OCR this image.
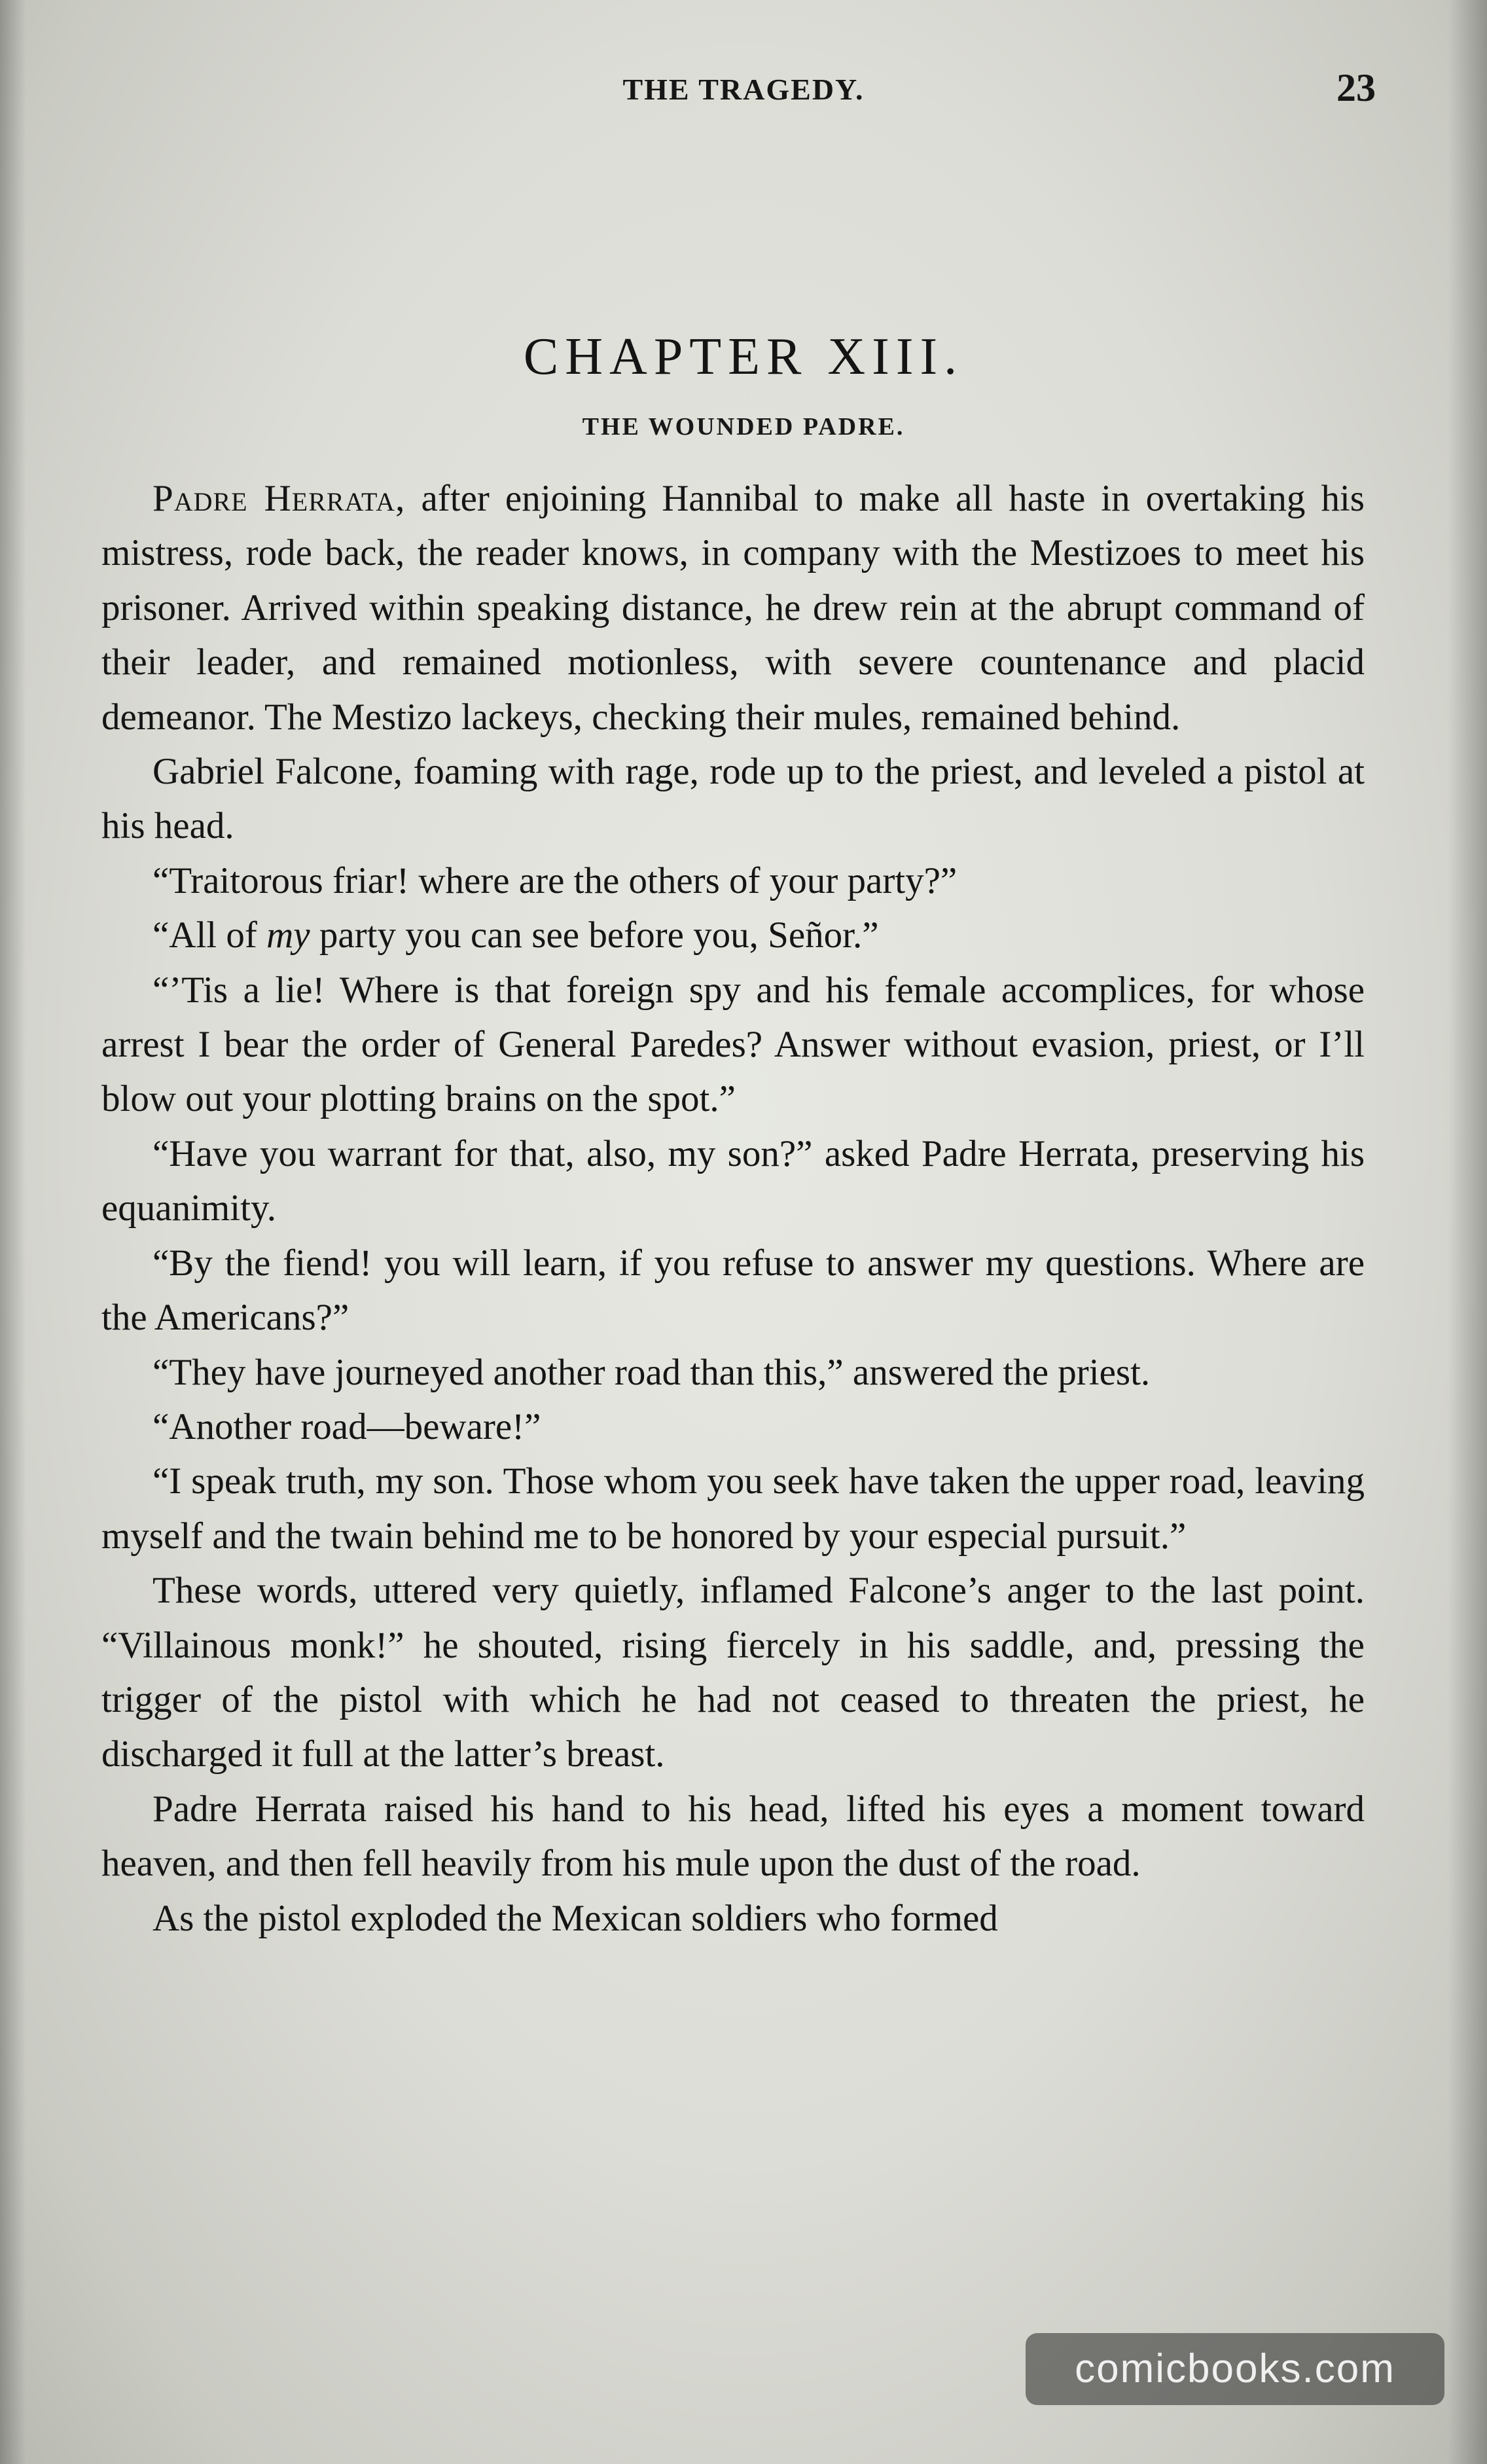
THE TRAGEDY.	23
CHAPTER XIII.
THE WOUNDED PADRE.

Padre Herrata, after enjoining Hannibal to make all haste in overtaking his mistress, rode back, the reader knows, in company with the Mestizoes to meet his prisoner. Arrived within speaking distance, he drew rein at the abrupt command of their leader, and remained motionless, with severe countenance and placid demeanor. The Mestizo lackeys, checking their mules, remained behind.

Gabriel Falcone, foaming with rage, rode up to the priest, and leveled a pistol at his head.

“Traitorous friar! where are the others of your party?”

“All of my party you can see before you, Señor.”

“’Tis a lie! Where is that foreign spy and his female accomplices, for whose arrest I bear the order of General Paredes? Answer without evasion, priest, or I’ll blow out your plotting brains on the spot.”

“Have you warrant for that, also, my son?” asked Padre Herrata, preserving his equanimity.

“By the fiend! you will learn, if you refuse to answer my questions. Where are the Americans?”

“They have journeyed another road than this,” answered the priest.

“Another road—beware!”

“I speak truth, my son. Those whom you seek have taken the upper road, leaving myself and the twain behind me to be honored by your especial pursuit.”

These words, uttered very quietly, inflamed Falcone’s anger to the last point. “Villainous monk!” he shouted, rising fiercely in his saddle, and, pressing the trigger of the pistol with which he had not ceased to threaten the priest, he discharged it full at the latter’s breast.

Padre Herrata raised his hand to his head, lifted his eyes a moment toward heaven, and then fell heavily from his mule upon the dust of the road.

As the pistol exploded the Mexican soldiers who formed

comicbooks.com
